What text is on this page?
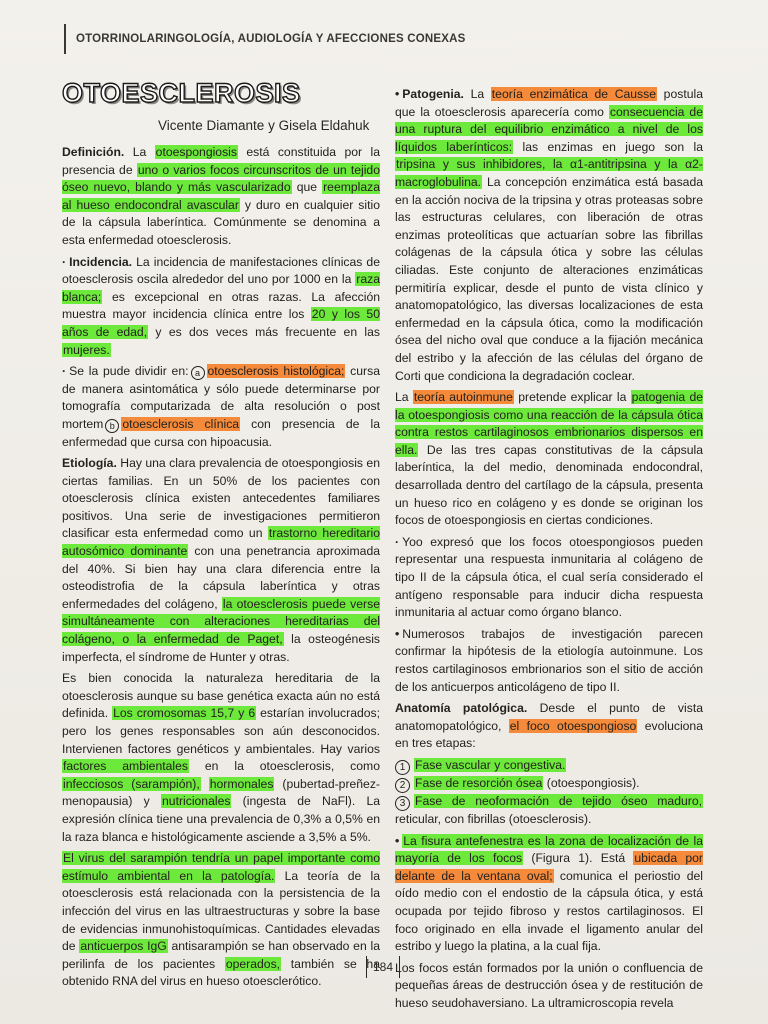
OTORRINOLARINGOLOGÍA, AUDIOLOGÍA Y AFECCIONES CONEXAS
OTOESCLEROSIS
Vicente Diamante y Gisela Eldahuk

Definición. La otoespongiosis está constituida por la presencia de uno o varios focos circunscritos de un tejido óseo nuevo, blando y más vascularizado que reemplaza al hueso endocondral avascular y duro en cualquier sitio de la cápsula laberíntica. Comúnmente se denomina a esta enfermedad otoesclerosis.

· Incidencia. La incidencia de manifestaciones clínicas de otoesclerosis oscila alrededor del uno por 1000 en la raza blanca; es excepcional en otras razas. La afección muestra mayor incidencia clínica entre los 20 y los 50 años de edad, y es dos veces más frecuente en las mujeres.

· Se la pude dividir en: a otoesclerosis histológica; cursa de manera asintomática y sólo puede determinarse por tomografía computarizada de alta resolución o post mortem b otoesclerosis clínica con presencia de la enfermedad que cursa con hipoacusia.

Etiología. Hay una clara prevalencia de otoespongiosis en ciertas familias. En un 50% de los pacientes con otoesclerosis clínica existen antecedentes familiares positivos. Una serie de investigaciones permitieron clasificar esta enfermedad como un trastorno hereditario autosómico dominante con una penetrancia aproximada del 40%. Si bien hay una clara diferencia entre la osteodistrofia de la cápsula laberíntica y otras enfermedades del colágeno, la otoesclerosis puede verse simultáneamente con alteraciones hereditarias del colágeno, o la enfermedad de Paget, la osteogénesis imperfecta, el síndrome de Hunter y otras.

Es bien conocida la naturaleza hereditaria de la otoesclerosis aunque su base genética exacta aún no está definida. Los cromosomas 15,7 y 6 estarían involucrados; pero los genes responsables son aún desconocidos. Intervienen factores genéticos y ambientales. Hay varios factores ambientales en la otoesclerosis, como infecciosos (sarampión), hormonales (pubertad-preñez-menopausia) y nutricionales (ingesta de NaFl). La expresión clínica tiene una prevalencia de 0,3% a 0,5% en la raza blanca e histológicamente asciende a 3,5% a 5%.

El virus del sarampión tendría un papel importante como estímulo ambiental en la patología. La teoría de la otoesclerosis está relacionada con la persistencia de la infección del virus en las ultraestructuras y sobre la base de evidencias inmunohistoquímicas. Cantidades elevadas de anticuerpos IgG antisarampión se han observado en la perilinfa de los pacientes operados, también se ha obtenido RNA del virus en hueso otoesclerótico.

• Patogenia. La teoría enzimática de Causse postula que la otoesclerosis aparecería como consecuencia de una ruptura del equilibrio enzimático a nivel de los líquidos laberínticos: las enzimas en juego son la tripsina y sus inhibidores, la α1-antitripsina y la α2-macroglobulina. La concepción enzimática está basada en la acción nociva de la tripsina y otras proteasas sobre las estructuras celulares, con liberación de otras enzimas proteolíticas que actuarían sobre las fibrillas colágenas de la cápsula ótica y sobre las células ciliadas. Este conjunto de alteraciones enzimáticas permitiría explicar, desde el punto de vista clínico y anatomopatológico, las diversas localizaciones de esta enfermedad en la cápsula ótica, como la modificación ósea del nicho oval que conduce a la fijación mecánica del estribo y la afección de las células del órgano de Corti que condiciona la degradación coclear.

La teoría autoinmune pretende explicar la patogenia de la otoespongiosis como una reacción de la cápsula ótica contra restos cartilaginosos embrionarios dispersos en ella. De las tres capas constitutivas de la cápsula laberíntica, la del medio, denominada endocondral, desarrollada dentro del cartílago de la cápsula, presenta un hueso rico en colágeno y es donde se originan los focos de otoespongiosis en ciertas condiciones.

· Yoo expresó que los focos otoespongiosos pueden representar una respuesta inmunitaria al colágeno de tipo II de la cápsula ótica, el cual sería considerado el antígeno responsable para inducir dicha respuesta inmunitaria al actuar como órgano blanco.

• Numerosos trabajos de investigación parecen confirmar la hipótesis de la etiología autoinmune. Los restos cartilaginosos embrionarios son el sitio de acción de los anticuerpos anticolágeno de tipo II.

Anatomía patológica. Desde el punto de vista anatomopatológico, el foco otoespongioso evoluciona en tres etapas:

1 Fase vascular y congestiva.

2 Fase de resorción ósea (otoespongiosis).

3 Fase de neoformación de tejido óseo maduro, reticular, con fibrillas (otoesclerosis).

• La fisura antefenestra es la zona de localización de la mayoría de los focos (Figura 1). Está ubicada por delante de la ventana oval; comunica el periostio del oído medio con el endostio de la cápsula ótica, y está ocupada por tejido fibroso y restos cartilaginosos. El foco originado en ella invade el ligamento anular del estribo y luego la platina, a la cual fija.

Los focos están formados por la unión o confluencia de pequeñas áreas de destrucción ósea y de restitución de hueso seudohaversiano. La ultramicroscopia revela

184
